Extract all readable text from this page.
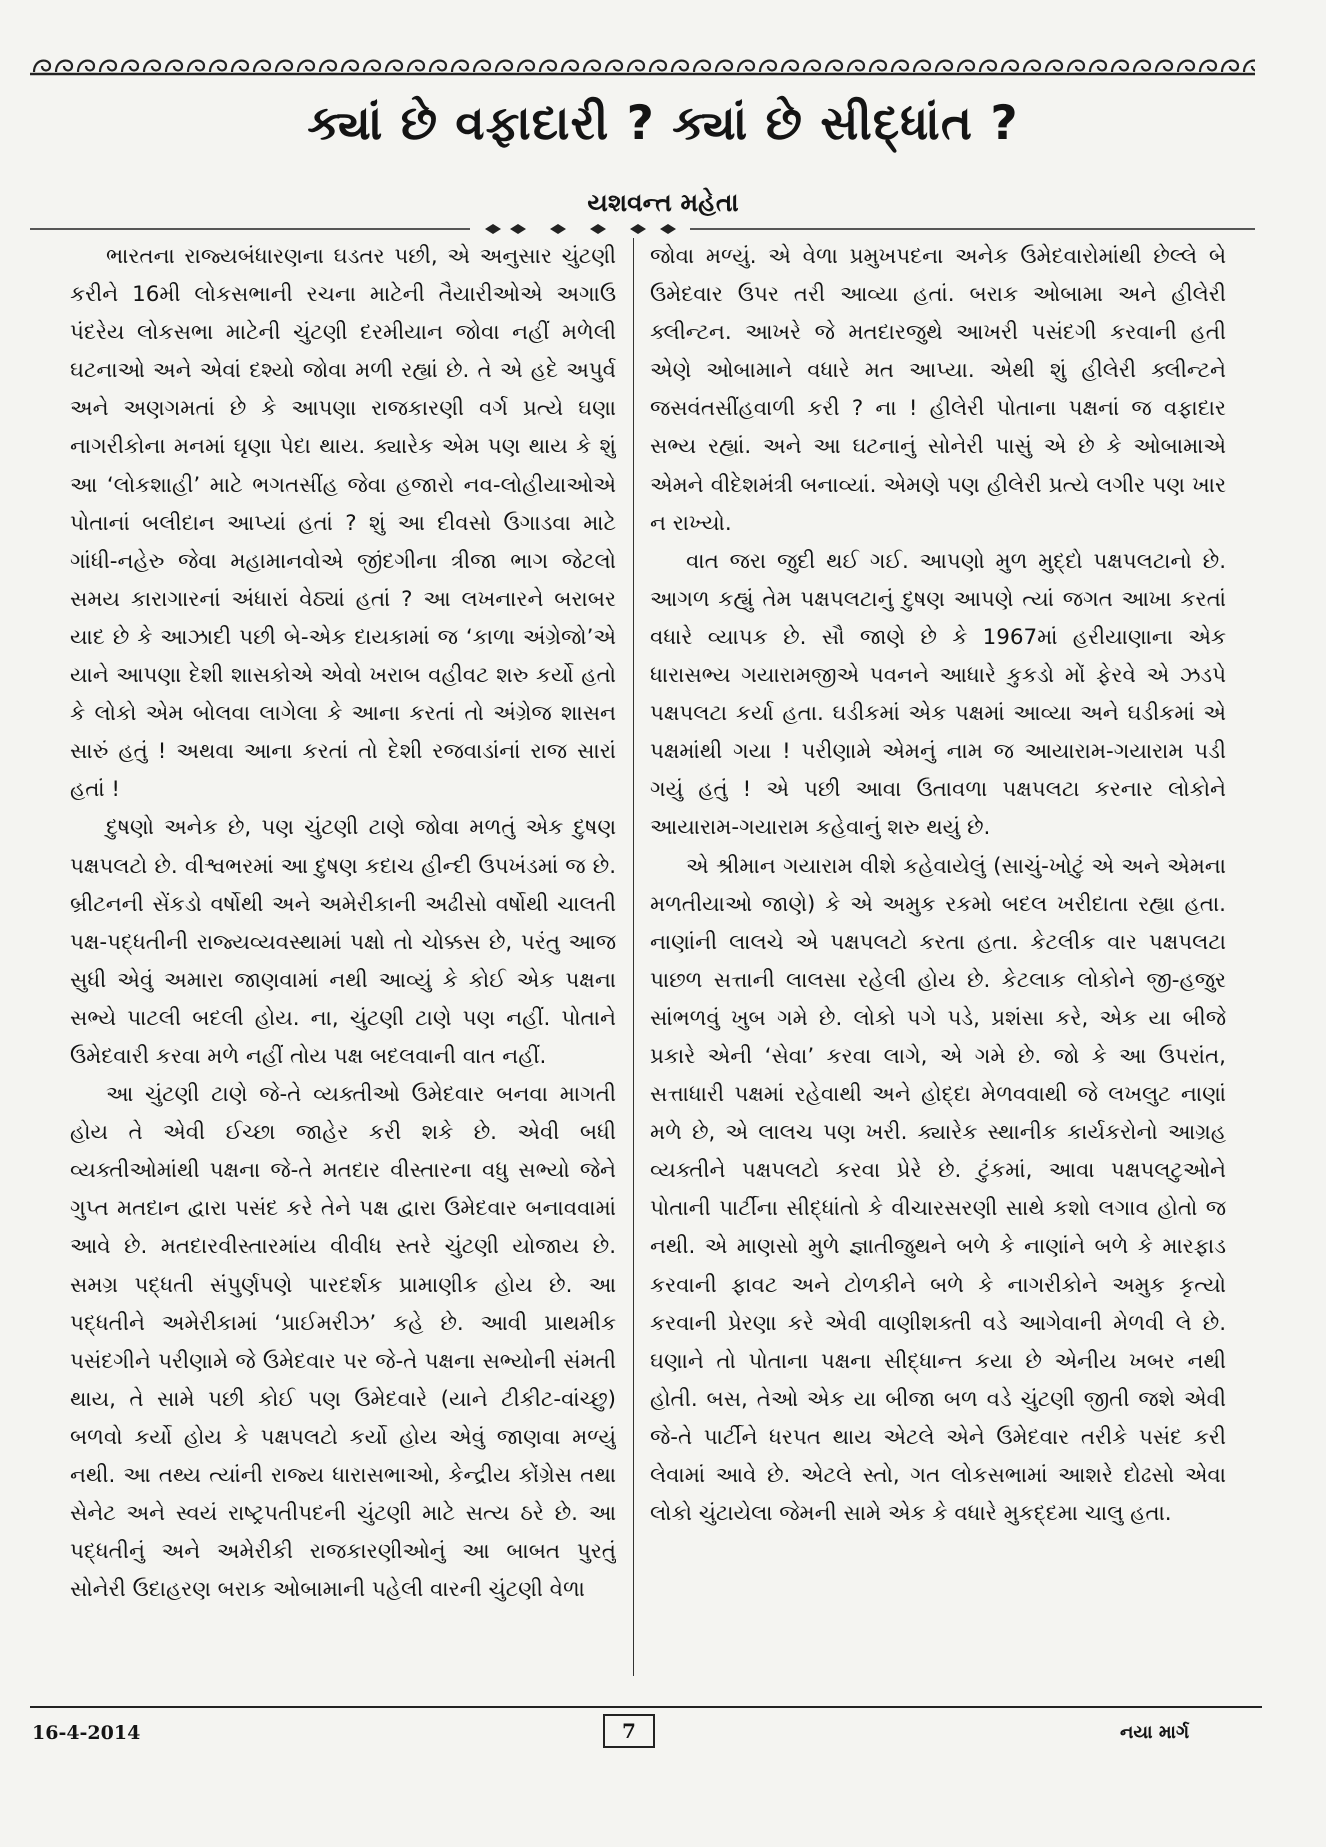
ક્યાં છે વફાદારી ? ક્યાં છે સીદ્ધાંત ?
યશવન્ત મહેતા

ભારતના રાજ્યબંધારણના ઘડતર પછી, એ અનુસાર ચુંટણી કરીને 16મી લોકસભાની રચના માટેની તૈયારીઓએ અગાઉ પંદરેય લોકસભા માટેની ચુંટણી દરમીયાન જોવા નહીં મળેલી ઘટનાઓ અને એવાં દશ્યો જોવા મળી રહ્યાં છે. તે એ હદે અપુર્વ અને અણગમતાં છે કે આપણા રાજકારણી વર્ગ પ્રત્યે ઘણા નાગરીકોના મનમાં ઘૃણા પેદા થાય. ક્યારેક એમ પણ થાય કે શું આ ‘લોકશાહી’ માટે ભગતસીંહ જેવા હજારો નવ-લોહીયાઓએ પોતાનાં બલીદાન આપ્યાં હતાં ? શું આ દીવસો ઉગાડવા માટે ગાંધી-નહેરુ જેવા મહામાનવોએ જીંદગીના ત્રીજા ભાગ જેટલો સમય કારાગારનાં અંધારાં વેઠ્યાં હતાં ? આ લખનારને બરાબર યાદ છે કે આઝાદી પછી બે-એક દાયકામાં જ ‘કાળા અંગ્રેજો’એ યાને આપણા દેશી શાસકોએ એવો ખરાબ વહીવટ શરુ કર્યો હતો કે લોકો એમ બોલવા લાગેલા કે આના કરતાં તો અંગ્રેજ શાસન સારું હતું ! અથવા આના કરતાં તો દેશી રજવાડાંનાં રાજ સારાં હતાં !

દુષણો અનેક છે, પણ ચુંટણી ટાણે જોવા મળતું એક દુષણ પક્ષપલટો છે. વીશ્વભરમાં આ દુષણ કદાચ હીન્દી ઉપખંડમાં જ છે. બ્રીટનની સેંકડો વર્ષોથી અને અમેરીકાની અઢીસો વર્ષોથી ચાલતી પક્ષ-પદ્ધતીની રાજ્યવ્યવસ્થામાં પક્ષો તો ચોક્કસ છે, પરંતુ આજ સુધી એવું અમારા જાણવામાં નથી આવ્યું કે કોઈ એક પક્ષના સભ્યે પાટલી બદલી હોય. ના, ચુંટણી ટાણે પણ નહીં. પોતાને ઉમેદવારી કરવા મળે નહીં તોય પક્ષ બદલવાની વાત નહીં.

આ ચુંટણી ટાણે જે-તે વ્યક્તીઓ ઉમેદવાર બનવા માગતી હોય તે એવી ઈચ્છા જાહેર કરી શકે છે. એવી બધી વ્યક્તીઓમાંથી પક્ષના જે-તે મતદાર વીસ્તારના વધુ સભ્યો જેને ગુપ્ત મતદાન દ્વારા પસંદ કરે તેને પક્ષ દ્વારા ઉમેદવાર બનાવવામાં આવે છે. મતદારવીસ્તારમાંય વીવીધ સ્તરે ચુંટણી યોજાય છે. સમગ્ર પદ્ધતી સંપુર્ણપણે પારદર્શક પ્રામાણીક હોય છે. આ પદ્ધતીને અમેરીકામાં ‘પ્રાઈમરીઝ’ કહે છે. આવી પ્રાથમીક પસંદગીને પરીણામે જે ઉમેદવાર પર જે-તે પક્ષના સભ્યોની સંમતી થાય, તે સામે પછી કોઈ પણ ઉમેદવારે (યાને ટીકીટ-વાંચ્છુ) બળવો કર્યો હોય કે પક્ષપલટો કર્યો હોય એવું જાણવા મળ્યું નથી. આ તથ્ય ત્યાંની રાજ્ય ધારાસભાઓ, કેન્દ્રીય કોંગ્રેસ તથા સેનેટ અને સ્વયં રાષ્ટ્રપતીપદની ચુંટણી માટે સત્ય ઠરે છે. આ પદ્ધતીનું અને અમેરીકી રાજકારણીઓનું આ બાબત પુરતું સોનેરી ઉદાહરણ બરાક ઓબામાની પહેલી વારની ચુંટણી વેળા

જોવા મળ્યું. એ વેળા પ્રમુખપદના અનેક ઉમેદવારોમાંથી છેલ્લે બે ઉમેદવાર ઉપર તરી આવ્યા હતાં. બરાક ઓબામા અને હીલેરી ક્લીન્ટન. આખરે જે મતદારજુથે આખરી પસંદગી કરવાની હતી એણે ઓબામાને વધારે મત આપ્યા. એથી શું હીલેરી ક્લીન્ટને જસવંતસીંહવાળી કરી ? ના ! હીલેરી પોતાના પક્ષનાં જ વફાદાર સભ્ય રહ્યાં. અને આ ઘટનાનું સોનેરી પાસું એ છે કે ઓબામાએ એમને વીદેશમંત્રી બનાવ્યાં. એમણે પણ હીલેરી પ્રત્યે લગીર પણ ખાર ન રાખ્યો.

વાત જરા જુદી થઈ ગઈ. આપણો મુળ મુદ્દો પક્ષપલટાનો છે. આગળ કહ્યું તેમ પક્ષપલટાનું દુષણ આપણે ત્યાં જગત આખા કરતાં વધારે વ્યાપક છે. સૌ જાણે છે કે 1967માં હરીયાણાના એક ધારાસભ્ય ગયારામજીએ પવનને આધારે કુકડો મોં ફેરવે એ ઝડપે પક્ષપલટા કર્યા હતા. ઘડીકમાં એક પક્ષમાં આવ્યા અને ઘડીકમાં એ પક્ષમાંથી ગયા ! પરીણામે એમનું નામ જ આયારામ-ગયારામ પડી ગયું હતું ! એ પછી આવા ઉતાવળા પક્ષપલટા કરનાર લોકોને આયારામ-ગયારામ કહેવાનું શરુ થયું છે.

એ શ્રીમાન ગયારામ વીશે કહેવાયેલું (સાચું-ખોટું એ અને એમના મળતીયાઓ જાણે) કે એ અમુક રકમો બદલ ખરીદાતા રહ્યા હતા. નાણાંની લાલચે એ પક્ષપલટો કરતા હતા. કેટલીક વાર પક્ષપલટા પાછળ સત્તાની લાલસા રહેલી હોય છે. કેટલાક લોકોને જી-હજુર સાંભળવું ખુબ ગમે છે. લોકો પગે પડે, પ્રશંસા કરે, એક યા બીજે પ્રકારે એની ‘સેવા’ કરવા લાગે, એ ગમે છે. જો કે આ ઉપરાંત, સત્તાધારી પક્ષમાં રહેવાથી અને હોદ્દા મેળવવાથી જે લખલુટ નાણાં મળે છે, એ લાલચ પણ ખરી. ક્યારેક સ્થાનીક કાર્યકરોનો આગ્રહ વ્યક્તીને પક્ષપલટો કરવા પ્રેરે છે. ટુંકમાં, આવા પક્ષપલટુઓને પોતાની પાર્ટીના સીદ્ધાંતો કે વીચારસરણી સાથે કશો લગાવ હોતો જ નથી. એ માણસો મુળે જ્ઞાતીજુથને બળે કે નાણાંને બળે કે મારફાડ કરવાની ફાવટ અને ટોળકીને બળે કે નાગરીકોને અમુક કૃત્યો કરવાની પ્રેરણા કરે એવી વાણીશક્તી વડે આગેવાની મેળવી લે છે. ઘણાને તો પોતાના પક્ષના સીદ્ધાન્ત કયા છે એનીય ખબર નથી હોતી. બસ, તેઓ એક યા બીજા બળ વડે ચુંટણી જીતી જશે એવી જે-તે પાર્ટીને ધરપત થાય એટલે એને ઉમેદવાર તરીકે પસંદ કરી લેવામાં આવે છે. એટલે સ્તો, ગત લોકસભામાં આશરે દોઢસો એવા લોકો ચુંટાયેલા જેમની સામે એક કે વધારે મુકદ્દમા ચાલુ હતા.

16-4-2014	7	નયા માર્ગ
